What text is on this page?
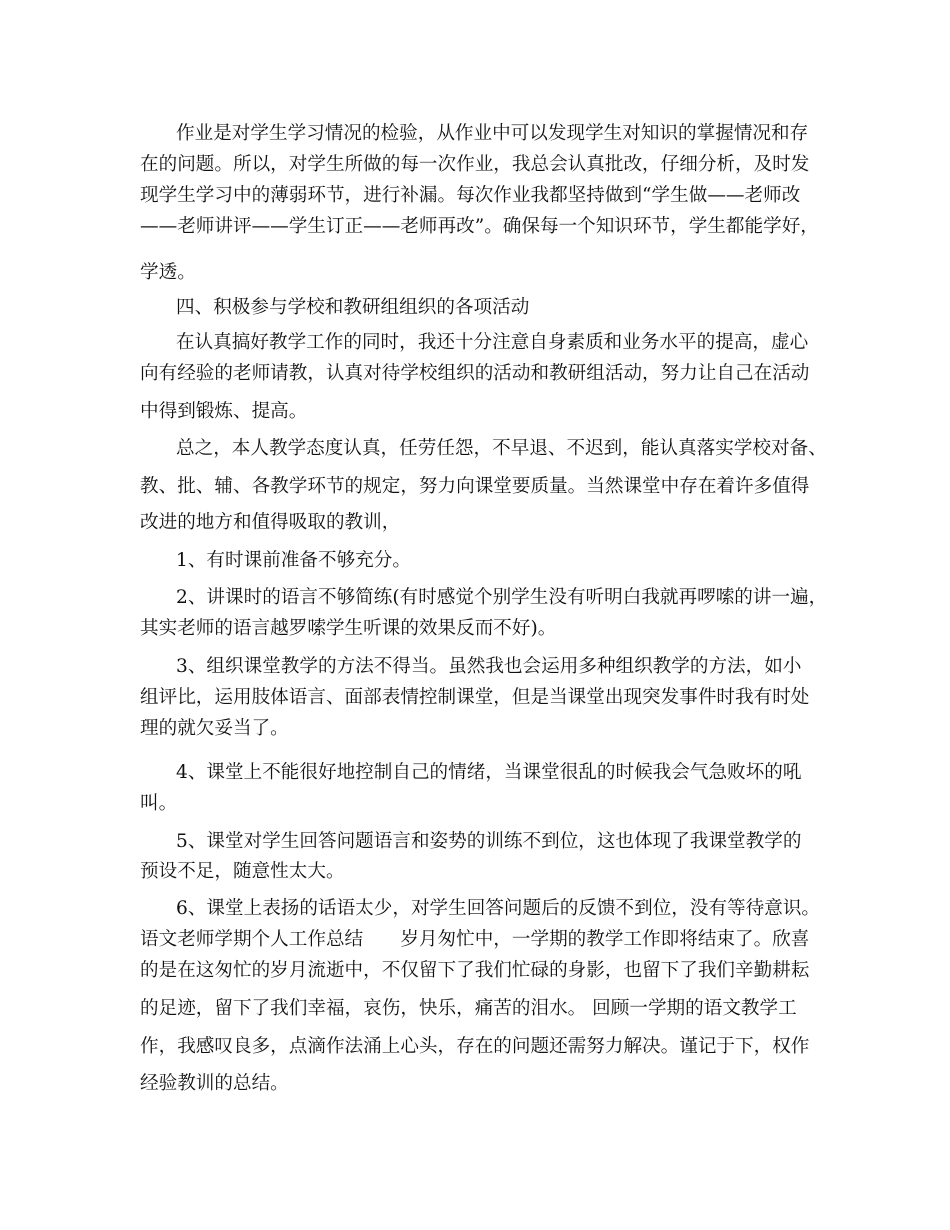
作业是对学生学习情况的检验，从作业中可以发现学生对知识的掌握情况和存
在的问题。所以，对学生所做的每一次作业，我总会认真批改，仔细分析，及时发
现学生学习中的薄弱环节，进行补漏。每次作业我都坚持做到“学生做——老师改
——老师讲评——学生订正——老师再改”。确保每一个知识环节，学生都能学好，
学透。
四、积极参与学校和教研组组织的各项活动
在认真搞好教学工作的同时，我还十分注意自身素质和业务水平的提高，虚心
向有经验的老师请教，认真对待学校组织的活动和教研组活动，努力让自己在活动
中得到锻炼、提高。
总之，本人教学态度认真，任劳任怨，不早退、不迟到，能认真落实学校对备、
教、批、辅、各教学环节的规定，努力向课堂要质量。当然课堂中存在着许多值得
改进的地方和值得吸取的教训，
1、有时课前准备不够充分。
2、讲课时的语言不够简练(有时感觉个别学生没有听明白我就再啰嗦的讲一遍，
其实老师的语言越罗嗦学生听课的效果反而不好)。
3、组织课堂教学的方法不得当。虽然我也会运用多种组织教学的方法，如小
组评比，运用肢体语言、面部表情控制课堂，但是当课堂出现突发事件时我有时处
理的就欠妥当了。
4、课堂上不能很好地控制自己的情绪，当课堂很乱的时候我会气急败坏的吼
叫。
5、课堂对学生回答问题语言和姿势的训练不到位，这也体现了我课堂教学的
预设不足，随意性太大。
6、课堂上表扬的话语太少，对学生回答问题后的反馈不到位，没有等待意识。
语文老师学期个人工作总结　　岁月匆忙中，一学期的教学工作即将结束了。欣喜
的是在这匆忙的岁月流逝中，不仅留下了我们忙碌的身影，也留下了我们辛勤耕耘
的足迹，留下了我们幸福，哀伤，快乐，痛苦的泪水。 回顾一学期的语文教学工
作，我感叹良多，点滴作法涌上心头，存在的问题还需努力解决。谨记于下，权作
经验教训的总结。
